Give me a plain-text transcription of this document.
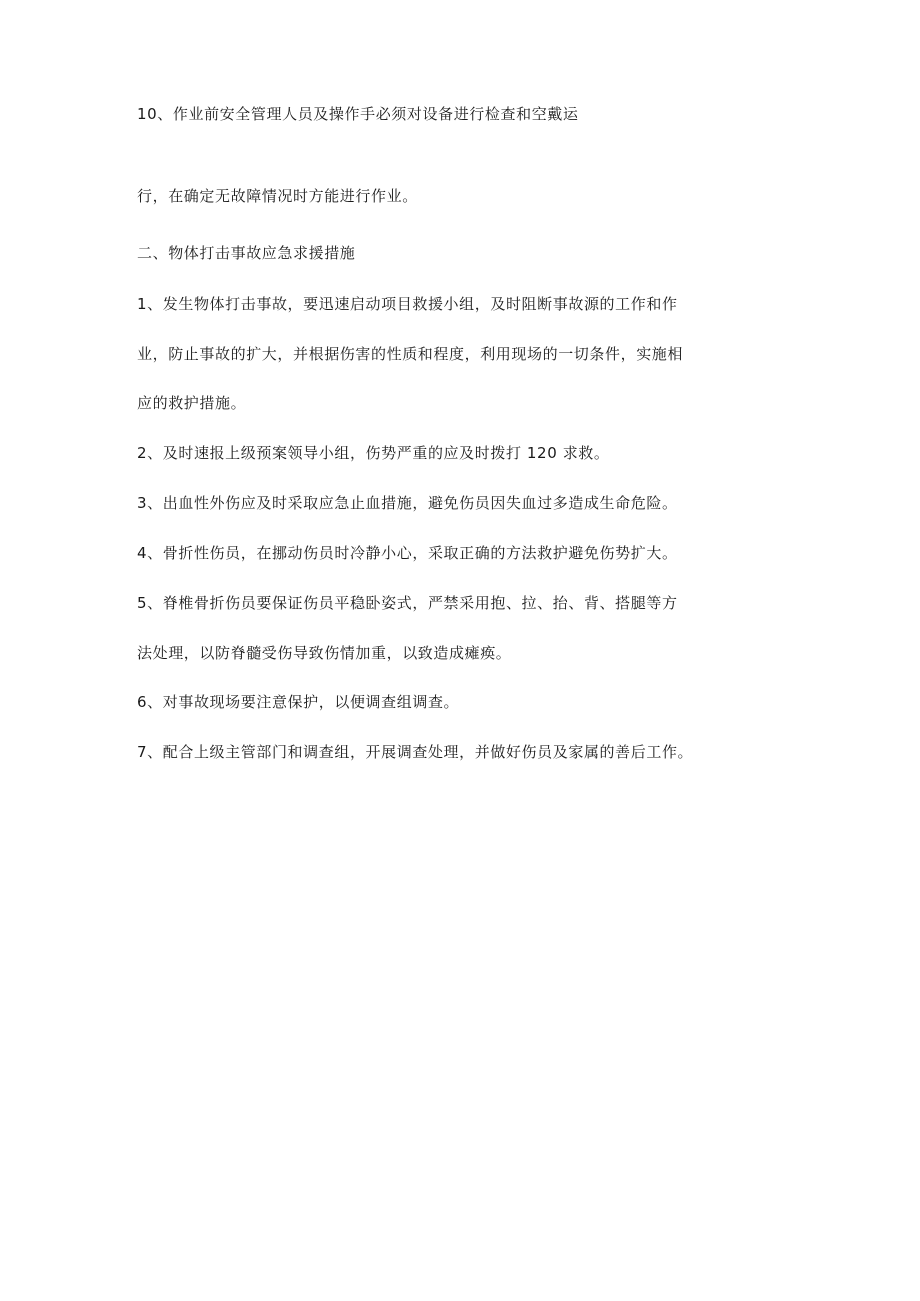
10、作业前安全管理人员及操作手必须对设备进行检查和空戴运
行，在确定无故障情况时方能进行作业。
二、物体打击事故应急求援措施
1、发生物体打击事故，要迅速启动项目救援小组，及时阻断事故源的工作和作
业，防止事故的扩大，并根据伤害的性质和程度，利用现场的一切条件，实施相
应的救护措施。
2、及时速报上级预案领导小组，伤势严重的应及时拨打 120 求救。
3、出血性外伤应及时采取应急止血措施，避免伤员因失血过多造成生命危险。
4、骨折性伤员，在挪动伤员时冷静小心，采取正确的方法救护避免伤势扩大。
5、脊椎骨折伤员要保证伤员平稳卧姿式，严禁采用抱、拉、抬、背、搭腿等方
法处理，以防脊髓受伤导致伤情加重，以致造成瘫痪。
6、对事故现场要注意保护，以便调查组调查。
7、配合上级主管部门和调查组，开展调查处理，并做好伤员及家属的善后工作。
